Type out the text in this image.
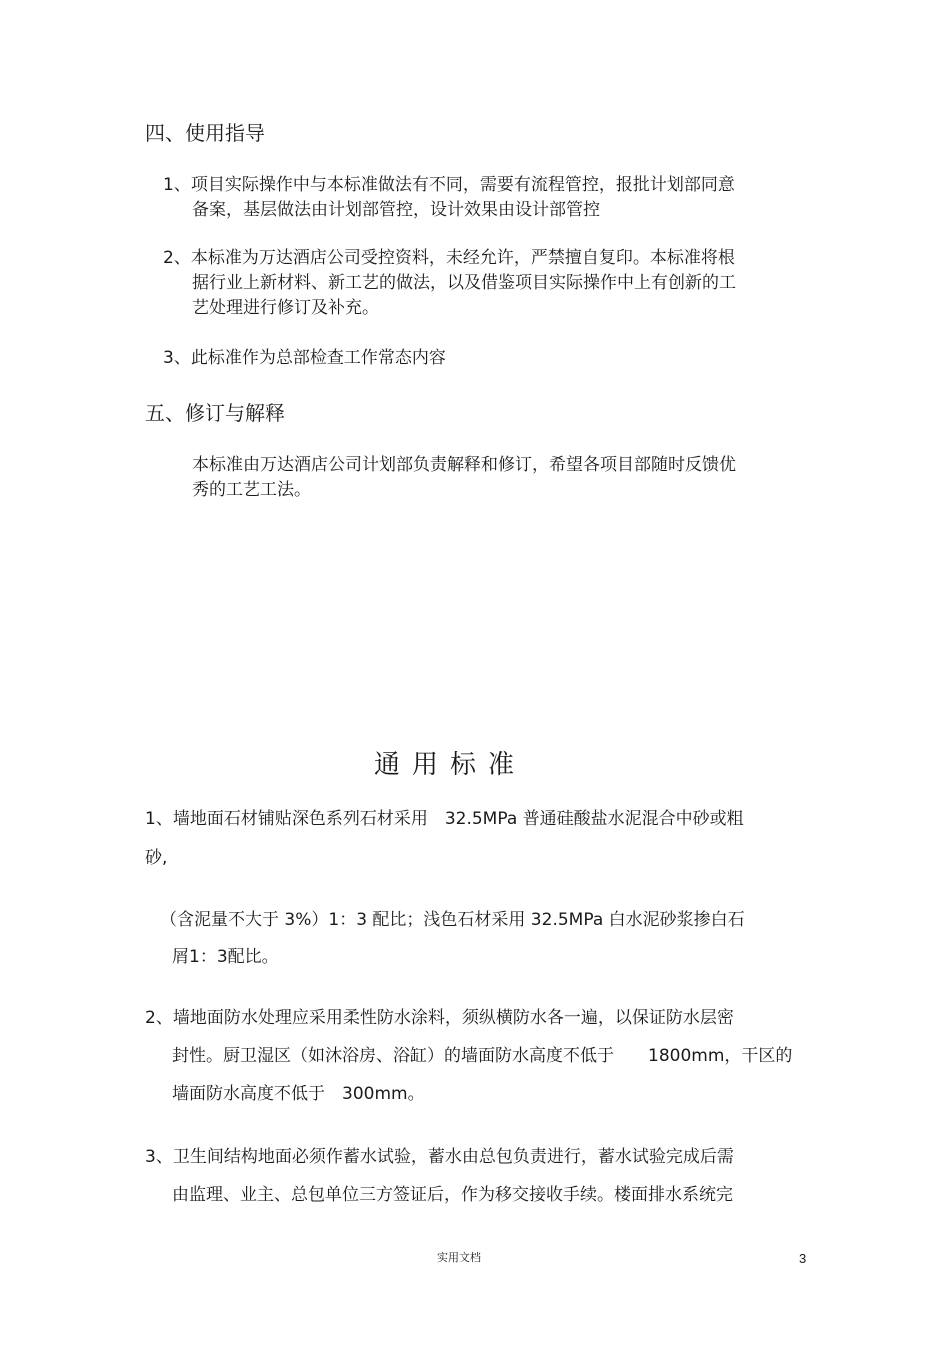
四、使用指导
1、项目实际操作中与本标准做法有不同，需要有流程管控，报批计划部同意
备案，基层做法由计划部管控，设计效果由设计部管控
2、本标准为万达酒店公司受控资料，未经允许，严禁擅自复印。本标准将根
据行业上新材料、新工艺的做法，以及借鉴项目实际操作中上有创新的工
艺处理进行修订及补充。
3、此标准作为总部检查工作常态内容
五、修订与解释
本标准由万达酒店公司计划部负责解释和修订，希望各项目部随时反馈优
秀的工艺工法。
通用标准
1、墙地面石材铺贴深色系列石材采用　32.5MPa 普通硅酸盐水泥混合中砂或粗
砂,
（含泥量不大于 3%）1：3 配比；浅色石材采用 32.5MPa 白水泥砂浆掺白石
屑1：3配比。
2、墙地面防水处理应采用柔性防水涂料，须纵横防水各一遍，以保证防水层密
封性。厨卫湿区（如沐浴房、浴缸）的墙面防水高度不低于　　1800mm，干区的
墙面防水高度不低于　300mm。
3、卫生间结构地面必须作蓄水试验，蓄水由总包负责进行，蓄水试验完成后需
由监理、业主、总包单位三方签证后，作为移交接收手续。楼面排水系统完
实用文档	3
